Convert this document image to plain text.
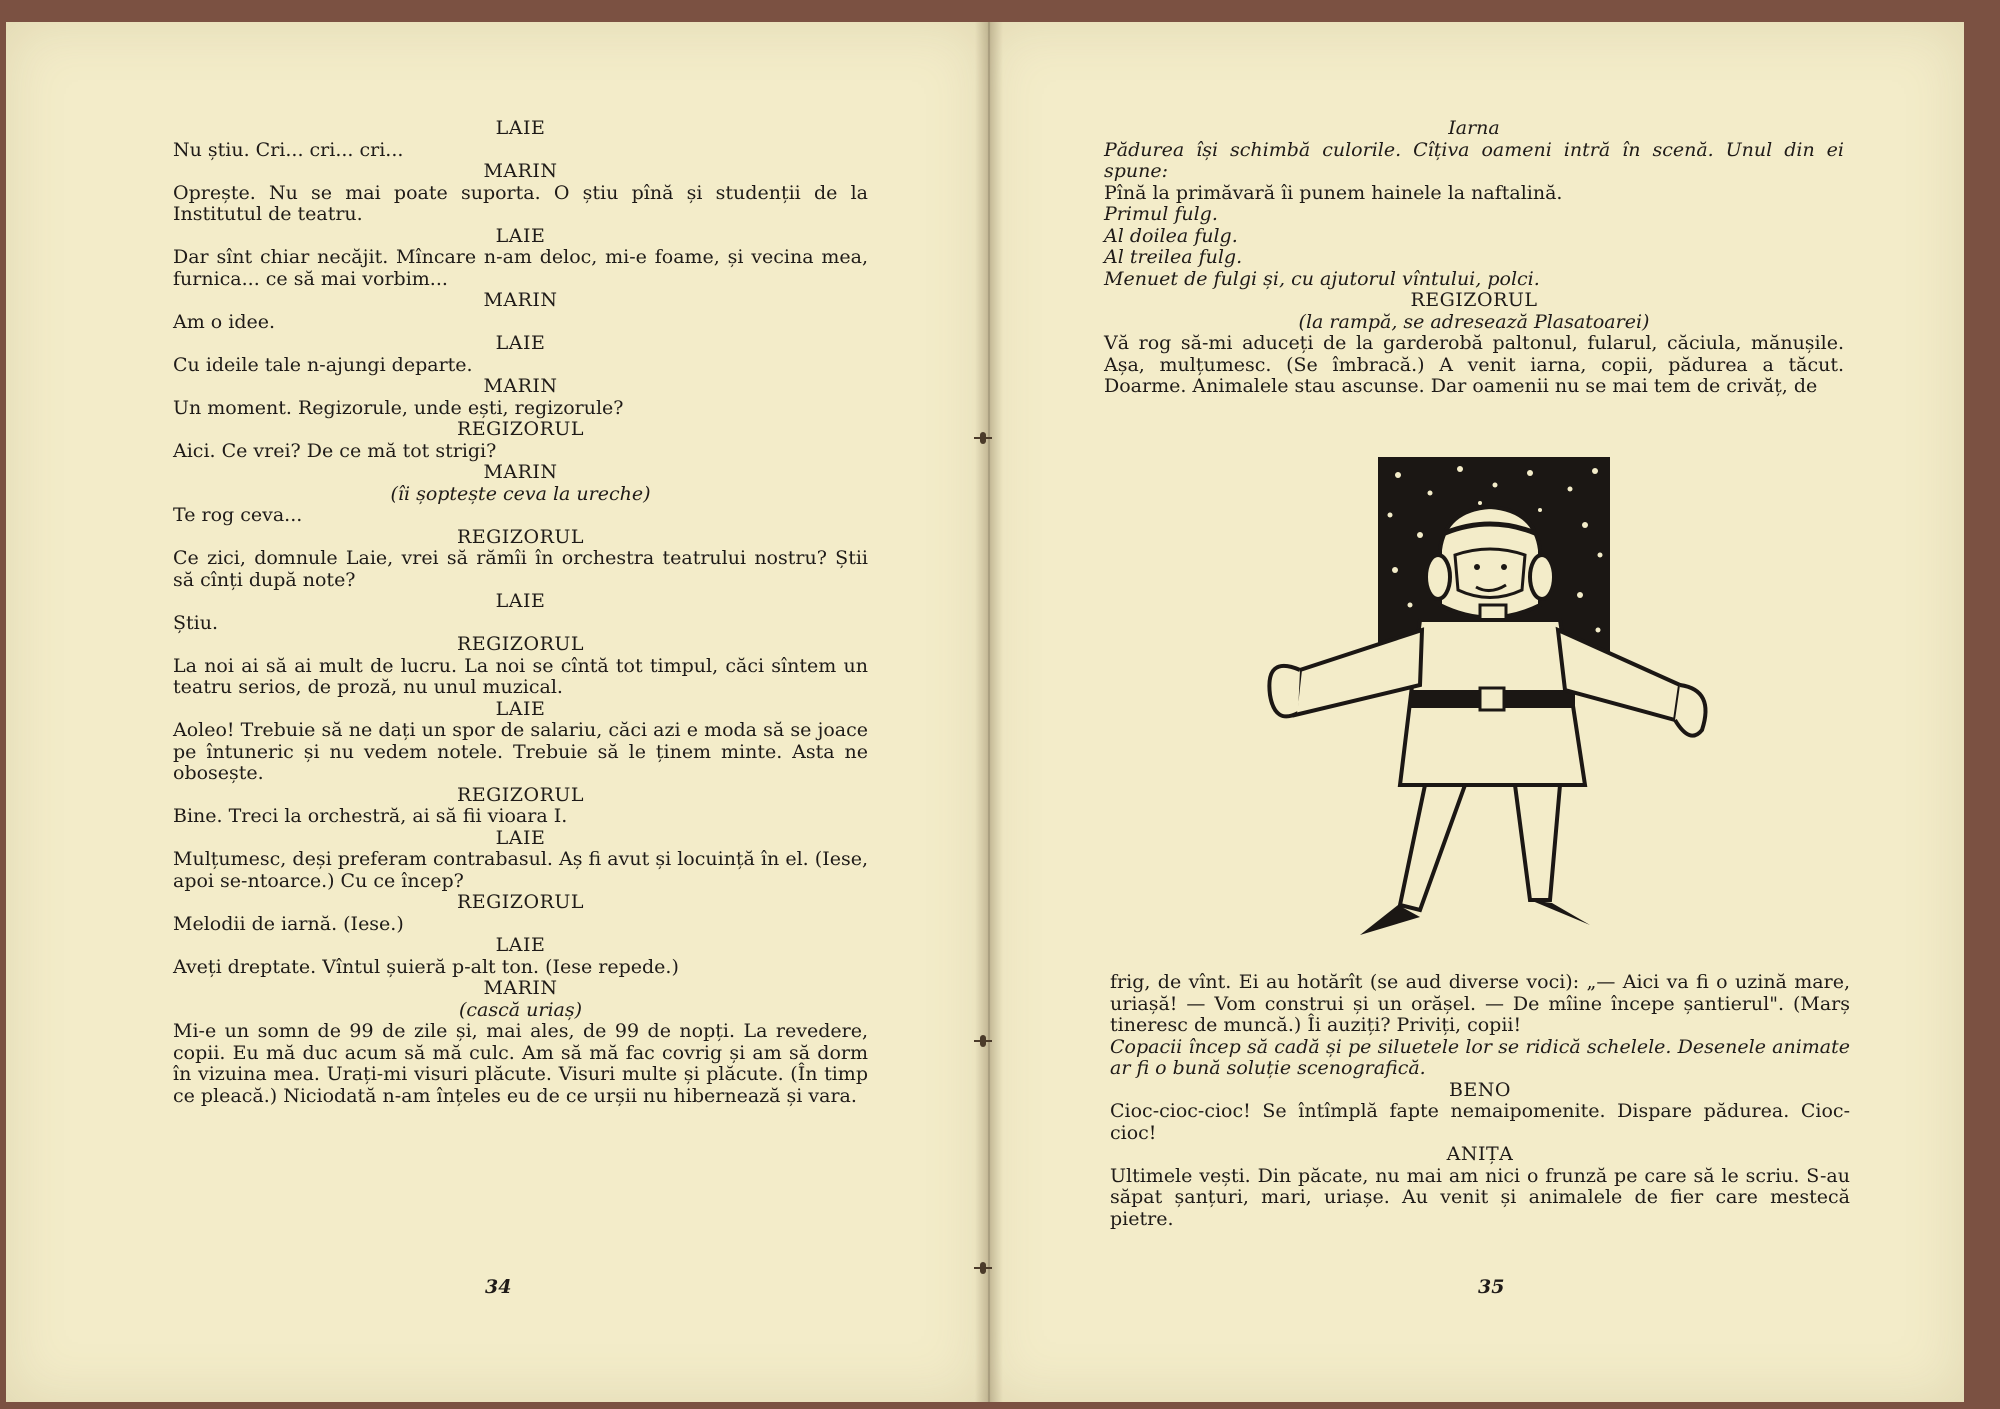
LAIE

Nu știu. Cri... cri... cri...

MARIN

Oprește. Nu se mai poate suporta. O știu pînă și studenții de la Institutul de teatru.

LAIE

Dar sînt chiar necăjit. Mîncare n-am deloc, mi-e foame, și vecina mea, furnica... ce să mai vorbim...

MARIN

Am o idee.

LAIE

Cu ideile tale n-ajungi departe.

MARIN

Un moment. Regizorule, unde ești, regizorule?

REGIZORUL

Aici. Ce vrei? De ce mă tot strigi?

MARIN

(îi șoptește ceva la ureche)

Te rog ceva...

REGIZORUL

Ce zici, domnule Laie, vrei să rămîi în orchestra teatrului nostru? Știi să cînți după note?

LAIE

Știu.

REGIZORUL

La noi ai să ai mult de lucru. La noi se cîntă tot timpul, căci sîntem un teatru serios, de proză, nu unul muzical.

LAIE

Aoleo! Trebuie să ne dați un spor de salariu, căci azi e moda să se joace pe întuneric și nu vedem notele. Trebuie să le ținem minte. Asta ne obosește.

REGIZORUL

Bine. Treci la orchestră, ai să fii vioara I.

LAIE

Mulțumesc, deși preferam contrabasul. Aș fi avut și locuință în el. (Iese, apoi se-ntoarce.) Cu ce încep?

REGIZORUL

Melodii de iarnă. (Iese.)

LAIE

Aveți dreptate. Vîntul șuieră p-alt ton. (Iese repede.)

MARIN

(cască uriaș)

Mi-e un somn de 99 de zile și, mai ales, de 99 de nopți. La revedere, copii. Eu mă duc acum să mă culc. Am să mă fac covrig și am să dorm în vizuina mea. Urați-mi visuri plăcute. Visuri multe și plăcute. (În timp ce pleacă.) Niciodată n-am înțeles eu de ce urșii nu hibernează și vara.

34

Iarna

Pădurea își schimbă culorile. Cîțiva oameni intră în scenă. Unul din ei spune:

Pînă la primăvară îi punem hainele la naftalină.

Primul fulg.

Al doilea fulg.

Al treilea fulg.

Menuet de fulgi și, cu ajutorul vîntului, polci.

REGIZORUL

(la rampă, se adresează Plasatoarei)

Vă rog să-mi aduceți de la garderobă paltonul, fularul, căciula, mănușile. Așa, mulțumesc. (Se îmbracă.) A venit iarna, copii, pădurea a tăcut. Doarme. Animalele stau ascunse. Dar oamenii nu se mai tem de crivăț, de

frig, de vînt. Ei au hotărît (se aud diverse voci): „— Aici va fi o uzină mare, uriașă! — Vom construi și un orășel. — De mîine începe șantierul". (Marș tineresc de muncă.) Îi auziți? Priviți, copii!

Copacii încep să cadă și pe siluetele lor se ridică schelele. Desenele animate ar fi o bună soluție scenografică.

BENO

Cioc-cioc-cioc! Se întîmplă fapte nemaipomenite. Dispare pădurea. Cioc-cioc!

ANIȚA

Ultimele vești. Din păcate, nu mai am nici o frunză pe care să le scriu. S-au săpat șanțuri, mari, uriașe. Au venit și animalele de fier care mestecă pietre.

35
